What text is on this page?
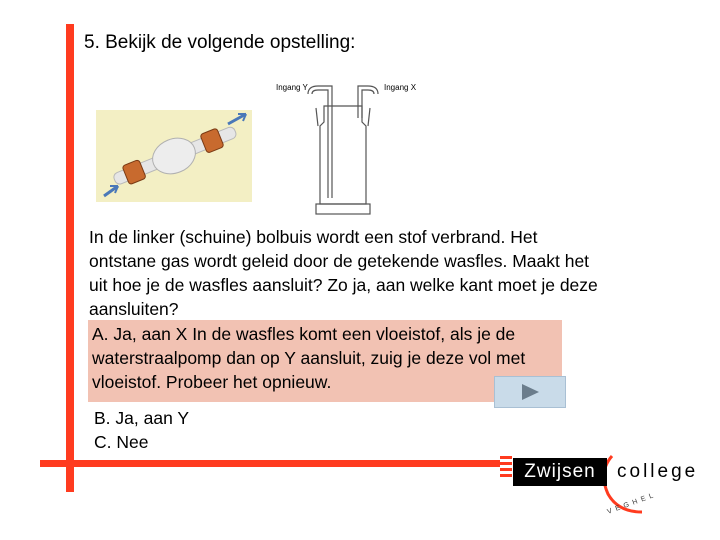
5. Bekijk de volgende opstelling:
Ingang Y	Ingang X
In de linker (schuine) bolbuis wordt een stof verbrand. Het ontstane gas wordt geleid door de getekende wasfles. Maakt het uit hoe je de wasfles aansluit? Zo ja, aan welke kant moet je deze aansluiten?
A. Ja, aan X In de wasfles komt een vloeistof, als je de waterstraalpomp dan op Y aansluit, zuig je deze vol met vloeistof. Probeer het opnieuw.
B. Ja, aan Y
C. Nee
Zwijsen	college
VEGHEL
